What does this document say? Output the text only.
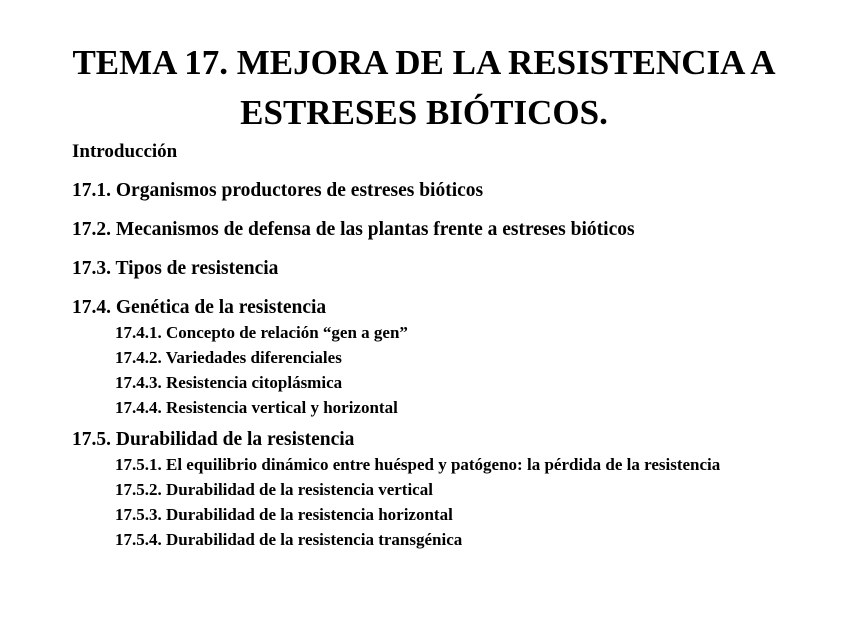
TEMA 17. MEJORA DE LA RESISTENCIA A
ESTRESES BIÓTICOS.

Introducción

17.1. Organismos productores de estreses bióticos

17.2. Mecanismos de defensa de las plantas frente a estreses bióticos

17.3. Tipos de resistencia

17.4. Genética de la resistencia

17.4.1. Concepto de relación “gen a gen”

17.4.2. Variedades diferenciales

17.4.3. Resistencia citoplásmica

17.4.4. Resistencia vertical y horizontal

17.5. Durabilidad de la resistencia

17.5.1. El equilibrio dinámico entre huésped y patógeno: la pérdida de la resistencia

17.5.2. Durabilidad de la resistencia vertical

17.5.3. Durabilidad de la resistencia horizontal

17.5.4. Durabilidad de la resistencia transgénica
